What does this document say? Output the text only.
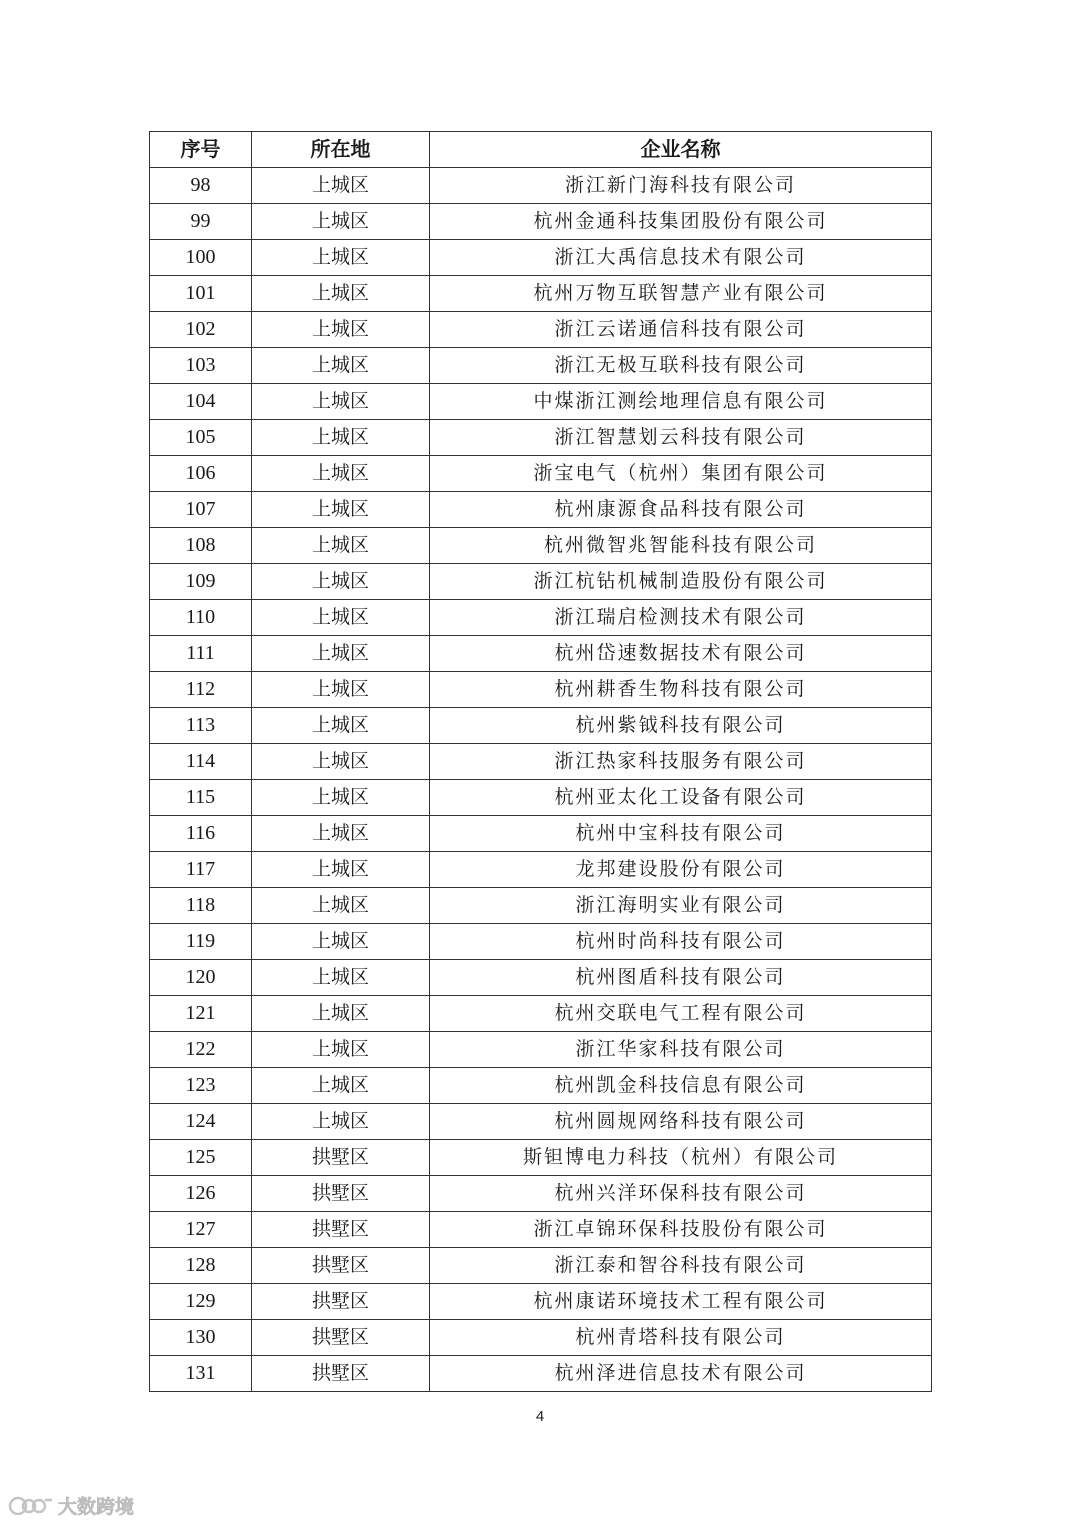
序号	所在地	企业名称
98	上城区	浙江新门海科技有限公司
99	上城区	杭州金通科技集团股份有限公司
100	上城区	浙江大禹信息技术有限公司
101	上城区	杭州万物互联智慧产业有限公司
102	上城区	浙江云诺通信科技有限公司
103	上城区	浙江无极互联科技有限公司
104	上城区	中煤浙江测绘地理信息有限公司
105	上城区	浙江智慧划云科技有限公司
106	上城区	浙宝电气（杭州）集团有限公司
107	上城区	杭州康源食品科技有限公司
108	上城区	杭州微智兆智能科技有限公司
109	上城区	浙江杭钻机械制造股份有限公司
110	上城区	浙江瑞启检测技术有限公司
111	上城区	杭州岱速数据技术有限公司
112	上城区	杭州耕香生物科技有限公司
113	上城区	杭州紫钺科技有限公司
114	上城区	浙江热家科技服务有限公司
115	上城区	杭州亚太化工设备有限公司
116	上城区	杭州中宝科技有限公司
117	上城区	龙邦建设股份有限公司
118	上城区	浙江海明实业有限公司
119	上城区	杭州时尚科技有限公司
120	上城区	杭州图盾科技有限公司
121	上城区	杭州交联电气工程有限公司
122	上城区	浙江华家科技有限公司
123	上城区	杭州凯金科技信息有限公司
124	上城区	杭州圆规网络科技有限公司
125	拱墅区	斯钽博电力科技（杭州）有限公司
126	拱墅区	杭州兴洋环保科技有限公司
127	拱墅区	浙江卓锦环保科技股份有限公司
128	拱墅区	浙江泰和智谷科技有限公司
129	拱墅区	杭州康诺环境技术工程有限公司
130	拱墅区	杭州青塔科技有限公司
131	拱墅区	杭州泽进信息技术有限公司
4
大数跨境
